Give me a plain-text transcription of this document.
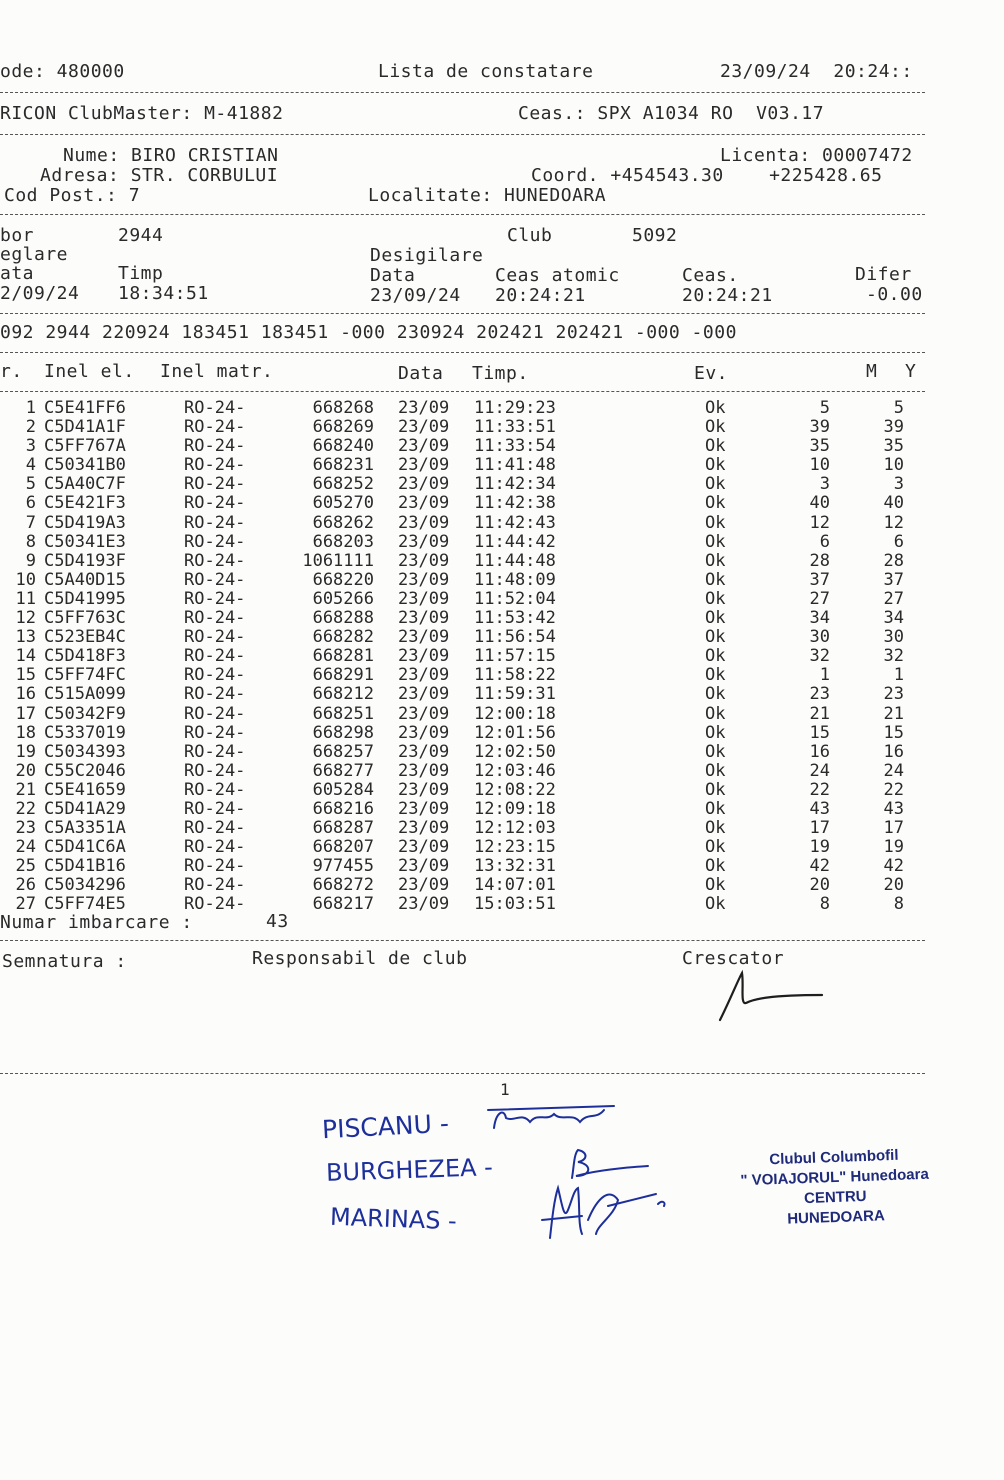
ode: 480000	Lista de constatare	23/09/24  20:24::
RICON ClubMaster: M-41882	Ceas.: SPX A1034 RO  V03.17
Nume: BIRO CRISTIAN	Licenta: 00007472
Adresa: STR. CORBULUI	Coord. +454543.30    +225428.65
Cod Post.: 7	Localitate: HUNEDOARA
bor	2944	Club	5092
eglare	Desigilare
ata	Timp	Data	Ceas atomic	Ceas.	Difer
2/09/24 18:34:51	23/09/24 20:24:21	20:24:21	-0.00
092 2944 220924 183451 183451 -000 230924 202421 202421 -000 -000
r. Inel el. Inel matr.	Data Timp.	Ev.	M Y
1 C5E41FF6	RO-24-	668268 23/09 11:29:23	Ok	5	5
2 C5D41A1F	RO-24-	668269 23/09 11:33:51	Ok	39	39
3 C5FF767A	RO-24-	668240 23/09 11:33:54	Ok	35	35
4 C50341B0	RO-24-	668231 23/09 11:41:48	Ok	10	10
5 C5A40C7F	RO-24-	668252 23/09 11:42:34	Ok	3	3
6 C5E421F3	RO-24-	605270 23/09 11:42:38	Ok	40	40
7 C5D419A3	RO-24-	668262 23/09 11:42:43	Ok	12	12
8 C50341E3	RO-24-	668203 23/09 11:44:42	Ok	6	6
9 C5D4193F	RO-24-	1061111 23/09 11:44:48	Ok	28	28
10 C5A40D15	RO-24-	668220 23/09 11:48:09	Ok	37	37
11 C5D41995	RO-24-	605266 23/09 11:52:04	Ok	27	27
12 C5FF763C	RO-24-	668288 23/09 11:53:42	Ok	34	34
13 C523EB4C	RO-24-	668282 23/09 11:56:54	Ok	30	30
14 C5D418F3	RO-24-	668281 23/09 11:57:15	Ok	32	32
15 C5FF74FC	RO-24-	668291 23/09 11:58:22	Ok	1	1
16 C515A099	RO-24-	668212 23/09 11:59:31	Ok	23	23
17 C50342F9	RO-24-	668251 23/09 12:00:18	Ok	21	21
18 C5337019	RO-24-	668298 23/09 12:01:56	Ok	15	15
19 C5034393	RO-24-	668257 23/09 12:02:50	Ok	16	16
20 C55C2046	RO-24-	668277 23/09 12:03:46	Ok	24	24
21 C5E41659	RO-24-	605284 23/09 12:08:22	Ok	22	22
22 C5D41A29	RO-24-	668216 23/09 12:09:18	Ok	43	43
23 C5A3351A	RO-24-	668287 23/09 12:12:03	Ok	17	17
24 C5D41C6A	RO-24-	668207 23/09 12:23:15	Ok	19	19
25 C5D41B16	RO-24-	977455 23/09 13:32:31	Ok	42	42
26 C5034296	RO-24-	668272 23/09 14:07:01	Ok	20	20
27 C5FF74E5	RO-24-	668217 23/09 15:03:51	Ok	8	8
Numar imbarcare :	43
Semnatura :	Responsabil de club	Crescator
1
PISCANU -
BURGHEZEA -
MARINAS -
Clubul Columbofil
" VOIAJORUL" Hunedoara
CENTRU
HUNEDOARA
